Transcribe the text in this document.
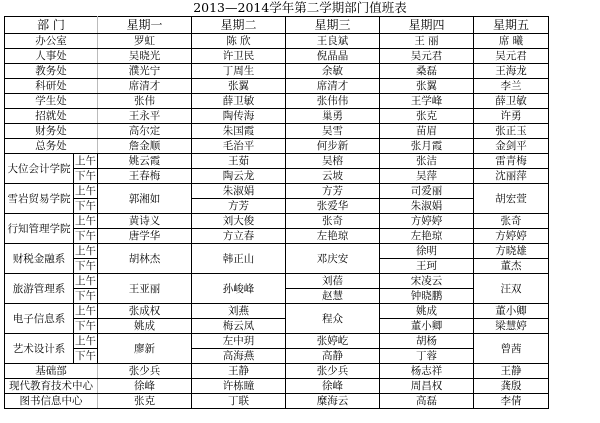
2013—2014学年第二学期部门值班表
部 门		星期一	星期二	星期三	星期四	星期五
办公室		罗虹	陈 欣	王良斌	王 丽	席 曦
人事处		吴晓光	许卫民	倪晶晶	吴元君	吴元君
教务处		濮光宁	丁周生	余敏	桑磊	王海龙
科研处		席清才	张翼	席清才	张翼	李兰
学生处		张伟	薛卫敏	张伟伟	王学峰	薛卫敏
招就处		王永平	陶传海	巢勇	张克	许勇
财务处		高尔定	朱国霞	吴雪	苗眉	张正玉
总务处		詹金顺	毛治平	何步新	张月霞	金剑平
大位会计学院	上午	姚云霞	王茹	吴榕	张洁	雷青梅
	下午	王春梅	陶云龙	云坡	吴萍	沈丽萍
雪岩贸易学院	上午	郭湘如	朱淑娟	方芳	司爱丽	胡宏萱
	下午		方芳	张爱华	朱淑娟	
行知管理学院	上午	黄诗义	刘大俊	张奇	方婷婷	张奇
	下午	唐学华	方立春	左艳琼	左艳琼	方婷婷
财税金融系	上午	胡林杰	韩正山	邓庆安	徐明	方晓雄
	下午				王珂	董杰
旅游管理系	上午	王亚丽	孙峻峰	刘蓓	宋凌云	汪双
	下午			赵慧	钟晓鹏	
电子信息系	上午	张成权	刘燕	程众	姚成	董小卿
	下午	姚成	梅云凤		董小卿	梁慧婷
艺术设计系	上午	廖新	左中玥	张婷屹	胡杨	曾茜
	下午		高海燕	高静	丁蓉	
基础部		张少兵	王静	张少兵	杨志祥	王静
现代教育技术中心		徐峰	许栋瞳	徐峰	周昌权	龚殷
图书信息中心		张克	丁联	糜海云	高磊	李倩
